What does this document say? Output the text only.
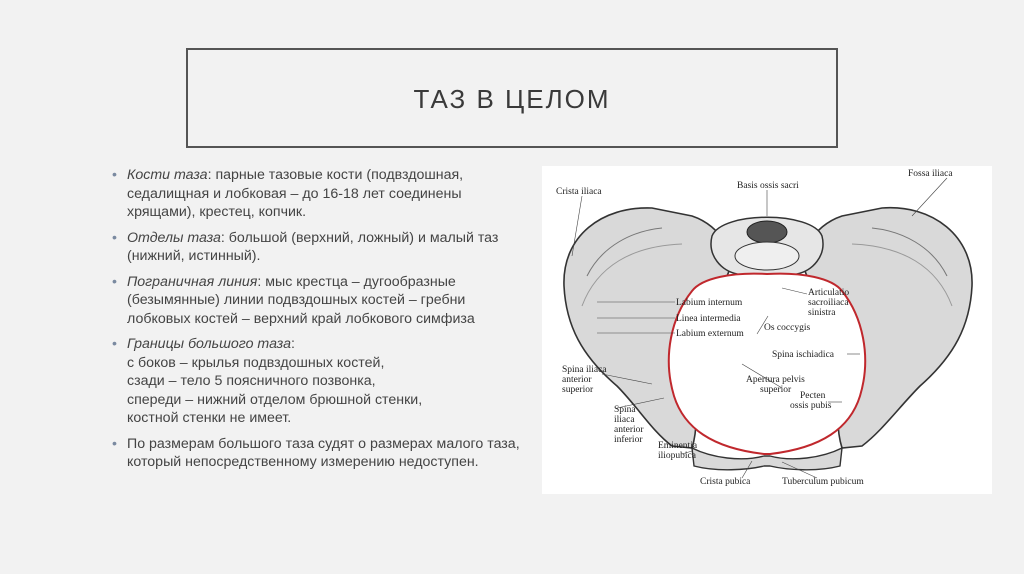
ТАЗ В ЦЕЛОМ
• Кости таза: парные тазовые кости (подвздошная, седалищная и лобковая – до 16-18 лет соединены хрящами), крестец, копчик.
• Отделы таза: большой (верхний, ложный) и малый таз (нижний, истинный).
• Пограничная линия: мыс крестца – дугообразные (безымянные) линии подвздошных костей – гребни лобковых костей – верхний край лобкового симфиза
• Границы большого таза:
с боков – крылья подвздошных костей,
сзади – тело 5 поясничного позвонка,
спереди – нижний отделом брюшной стенки,
костной стенки не имеет.
• По размерам большого таза судят о размерах малого таза, который непосредственному измерению недоступен.
Crista iliaca
Basis ossis sacri
Fossa iliaca
Labium internum
Linea intermedia
Labium externum
Articulatio
sacroiliaca
sinistra
Os coccygis
Spina ischiadica
Spina iliaca
anterior
superior
Apertura pelvis
superior
Pecten
ossis pubis
Spina
iliaca
anterior
inferior
Eminentia
iliopubica
Crista pubica	Tuberculum pubicum
